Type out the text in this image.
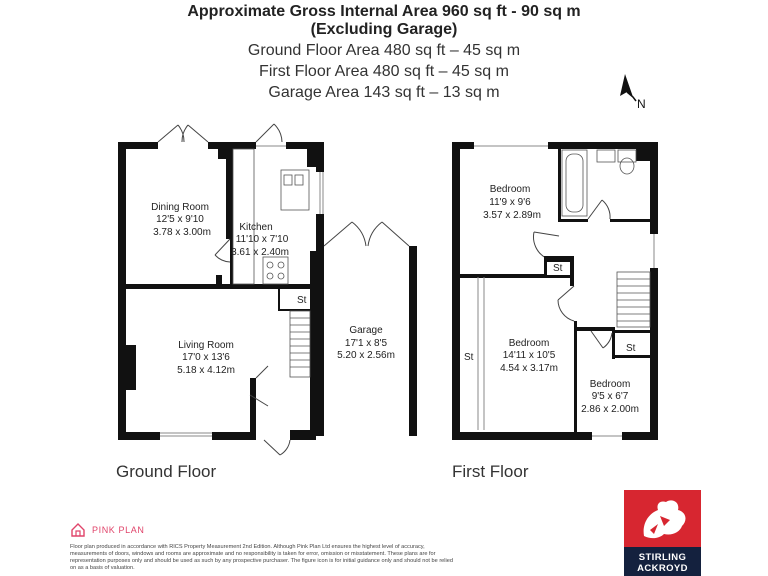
Approximate Gross Internal Area 960 sq ft - 90 sq m
(Excluding Garage)
Ground Floor Area 480 sq ft – 45 sq m
First Floor Area 480 sq ft – 45 sq m
Garage Area 143 sq ft – 13 sq m
N
Dining Room
12'5 x 9'10
3.78 x 3.00m	Kitchen
11'10 x 7'10
3.61 x 2.40m
Living Room
17'0 x 13'6
5.18 x 4.12m
Garage
17'1 x 8'5
5.20 x 2.56m
St
Bedroom
11'9 x 9'6
3.57 x 2.89m
Bedroom
14'11 x 10'5
4.54 x 3.17m
Bedroom
9'5 x 6'7
2.86 x 2.00m
St
St
St
Ground Floor	First Floor
PINK PLAN
Floor plan produced in accordance with RICS Property Measurement 2nd Edition. Although Pink Plan Ltd ensures the highest level of accuracy, measurements of doors, windows and rooms are approximate and no responsibility is taken for error, omission or misstatement. These plans are for representation purposes only and should be used as such by any prospective purchaser. The figure icon is for initial guidance only and should not be relied on as a basis of valuation.
STIRLING
ACKROYD
